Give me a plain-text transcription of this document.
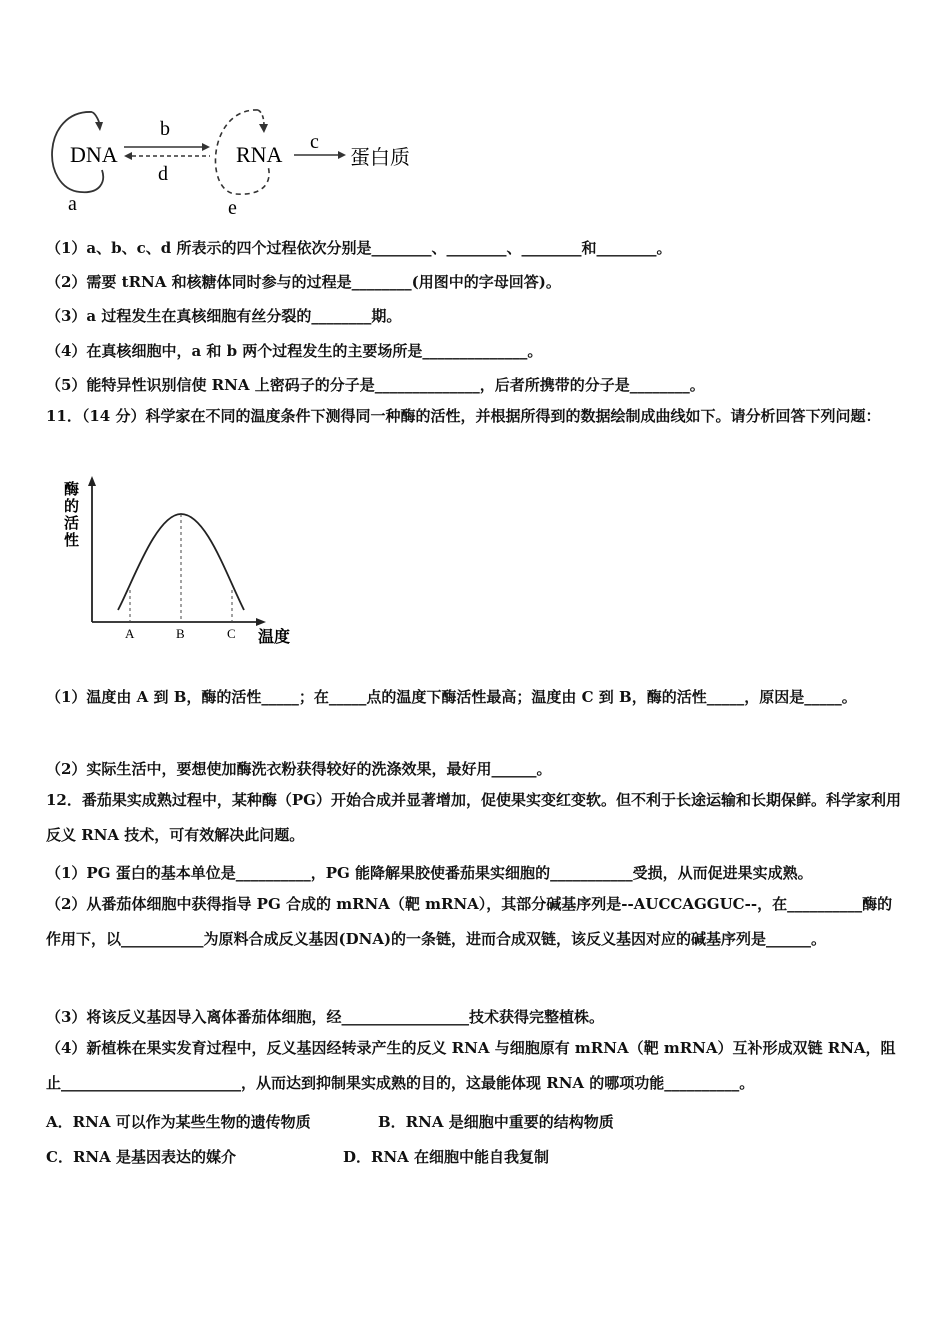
DNA
a
b
d
RNA
e
c
蛋白质
（1）a、b、c、d 所表示的四个过程依次分别是________、________、________和________。
（2）需要 tRNA 和核糖体同时参与的过程是________(用图中的字母回答)。
（3）a 过程发生在真核细胞有丝分裂的________期。
（4）在真核细胞中，a 和 b 两个过程发生的主要场所是______________。
（5）能特异性识别信使 RNA 上密码子的分子是______________，后者所携带的分子是________。
11．（14 分）科学家在不同的温度条件下测得同一种酶的活性，并根据所得到的数据绘制成曲线如下。请分析回答下列问题：
酶
的
活
性
温度
A	B	C
（1）温度由 A 到 B，酶的活性_____；在_____点的温度下酶活性最高；温度由 C 到 B，酶的活性_____，原因是_____。
（2）实际生活中，要想使加酶洗衣粉获得较好的洗涤效果，最好用______。
12．番茄果实成熟过程中，某种酶（PG）开始合成并显著增加，促使果实变红变软。但不利于长途运输和长期保鲜。科学家利用反义 RNA 技术，可有效解决此问题。
（1）PG 蛋白的基本单位是__________，PG 能降解果胶使番茄果实细胞的___________受损，从而促进果实成熟。
（2）从番茄体细胞中获得指导 PG 合成的 mRNA（靶 mRNA），其部分碱基序列是--AUCCAGGUC--，在__________酶的作用下，以___________为原料合成反义基因(DNA)的一条链，进而合成双链，该反义基因对应的碱基序列是______。
（3）将该反义基因导入离体番茄体细胞，经_________________技术获得完整植株。
（4）新植株在果实发育过程中，反义基因经转录产生的反义 RNA 与细胞原有 mRNA（靶 mRNA）互补形成双链 RNA，阻止________________________，从而达到抑制果实成熟的目的，这最能体现 RNA 的哪项功能__________。
A．RNA 可以作为某些生物的遗传物质	B．RNA 是细胞中重要的结构物质
C．RNA 是基因表达的媒介	D．RNA 在细胞中能自我复制
